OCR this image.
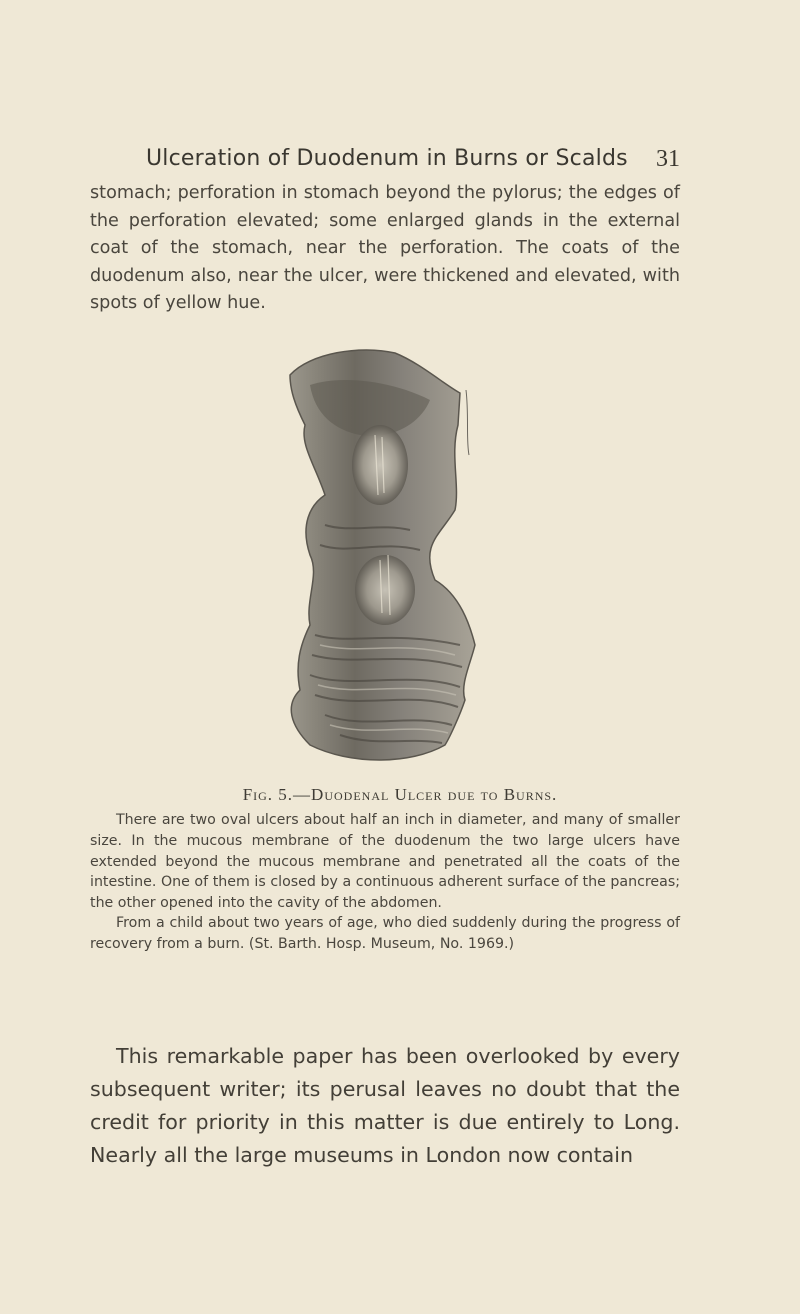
Ulceration of Duodenum in Burns or Scalds 31

stomach; perforation in stomach beyond the pylorus; the edges of the perforation elevated; some enlarged glands in the external coat of the stomach, near the perforation. The coats of the duodenum also, near the ulcer, were thickened and elevated, with spots of yellow hue.

Fig. 5.—Duodenal Ulcer due to Burns.

There are two oval ulcers about half an inch in diameter, and many of smaller size. In the mucous membrane of the duodenum the two large ulcers have extended beyond the mucous membrane and penetrated all the coats of the intestine. One of them is closed by a continuous adherent surface of the pancreas; the other opened into the cavity of the abdomen.

From a child about two years of age, who died suddenly during the progress of recovery from a burn. (St. Barth. Hosp. Museum, No. 1969.)

This remarkable paper has been overlooked by every subsequent writer; its perusal leaves no doubt that the credit for priority in this matter is due entirely to Long. Nearly all the large museums in London now contain
